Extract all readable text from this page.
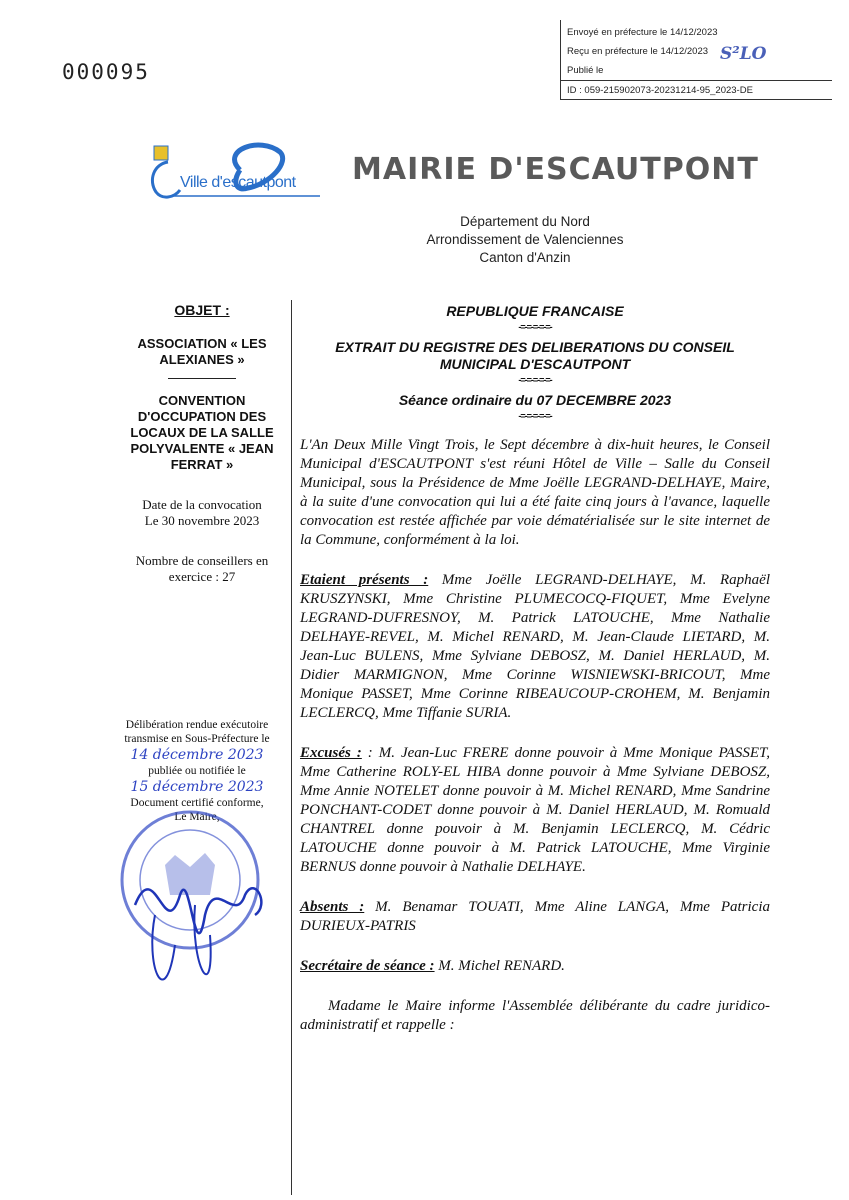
000095
Envoyé en préfecture le 14/12/2023
Reçu en préfecture le 14/12/2023
Publié le
ID : 059-215902073-20231214-95_2023-DE
S²LO
Ville d'escautpont MAIRIE D'ESCAUTPONT
Département du Nord
Arrondissement de Valenciennes
Canton d'Anzin
OBJET :
ASSOCIATION « LES ALEXIANES »
CONVENTION D'OCCUPATION DES LOCAUX DE LA SALLE POLYVALENTE « JEAN FERRAT »
Date de la convocation
Le 30 novembre 2023
Nombre de conseillers en
exercice : 27
Délibération rendue exécutoire transmise en Sous-Préfecture le
14 décembre 2023
publiée ou notifiée le
15 décembre 2023
Document certifié conforme,
Le Maire,
REPUBLIQUE FRANCAISE
-=-=-=-=-=-
EXTRAIT DU REGISTRE DES DELIBERATIONS DU CONSEIL MUNICIPAL D'ESCAUTPONT
-=-=-=-=-=-
Séance ordinaire du 07 DECEMBRE 2023
-=-=-=-=-=-

L'An Deux Mille Vingt Trois, le Sept décembre à dix-huit heures, le Conseil Municipal d'ESCAUTPONT s'est réuni Hôtel de Ville – Salle du Conseil Municipal, sous la Présidence de Mme Joëlle LEGRAND-DELHAYE, Maire, à la suite d'une convocation qui lui a été faite cinq jours à l'avance, laquelle convocation est restée affichée par voie dématérialisée sur le site internet de la Commune, conformément à la loi.

Etaient présents : Mme Joëlle LEGRAND-DELHAYE, M. Raphaël KRUSZYNSKI, Mme Christine PLUMECOCQ-FIQUET, Mme Evelyne LEGRAND-DUFRESNOY, M. Patrick LATOUCHE, Mme Nathalie DELHAYE-REVEL, M. Michel RENARD, M. Jean-Claude LIETARD, M. Jean-Luc BULENS, Mme Sylviane DEBOSZ, M. Daniel HERLAUD, M. Didier MARMIGNON, Mme Corinne WISNIEWSKI-BRICOUT, Mme Monique PASSET, Mme Corinne RIBEAUCOUP-CROHEM, M. Benjamin LECLERCQ, Mme Tiffanie SURIA.

Excusés : : M. Jean-Luc FRERE donne pouvoir à Mme Monique PASSET, Mme Catherine ROLY-EL HIBA donne pouvoir à Mme Sylviane DEBOSZ, Mme Annie NOTELET donne pouvoir à M. Michel RENARD, Mme Sandrine PONCHANT-CODET donne pouvoir à M. Daniel HERLAUD, M. Romuald CHANTREL donne pouvoir à M. Benjamin LECLERCQ, M. Cédric LATOUCHE donne pouvoir à M. Patrick LATOUCHE, Mme Virginie BERNUS donne pouvoir à Nathalie DELHAYE.

Absents : M. Benamar TOUATI, Mme Aline LANGA, Mme Patricia DURIEUX-PATRIS

Secrétaire de séance : M. Michel RENARD.

Madame le Maire informe l'Assemblée délibérante du cadre juridico-administratif et rappelle :
